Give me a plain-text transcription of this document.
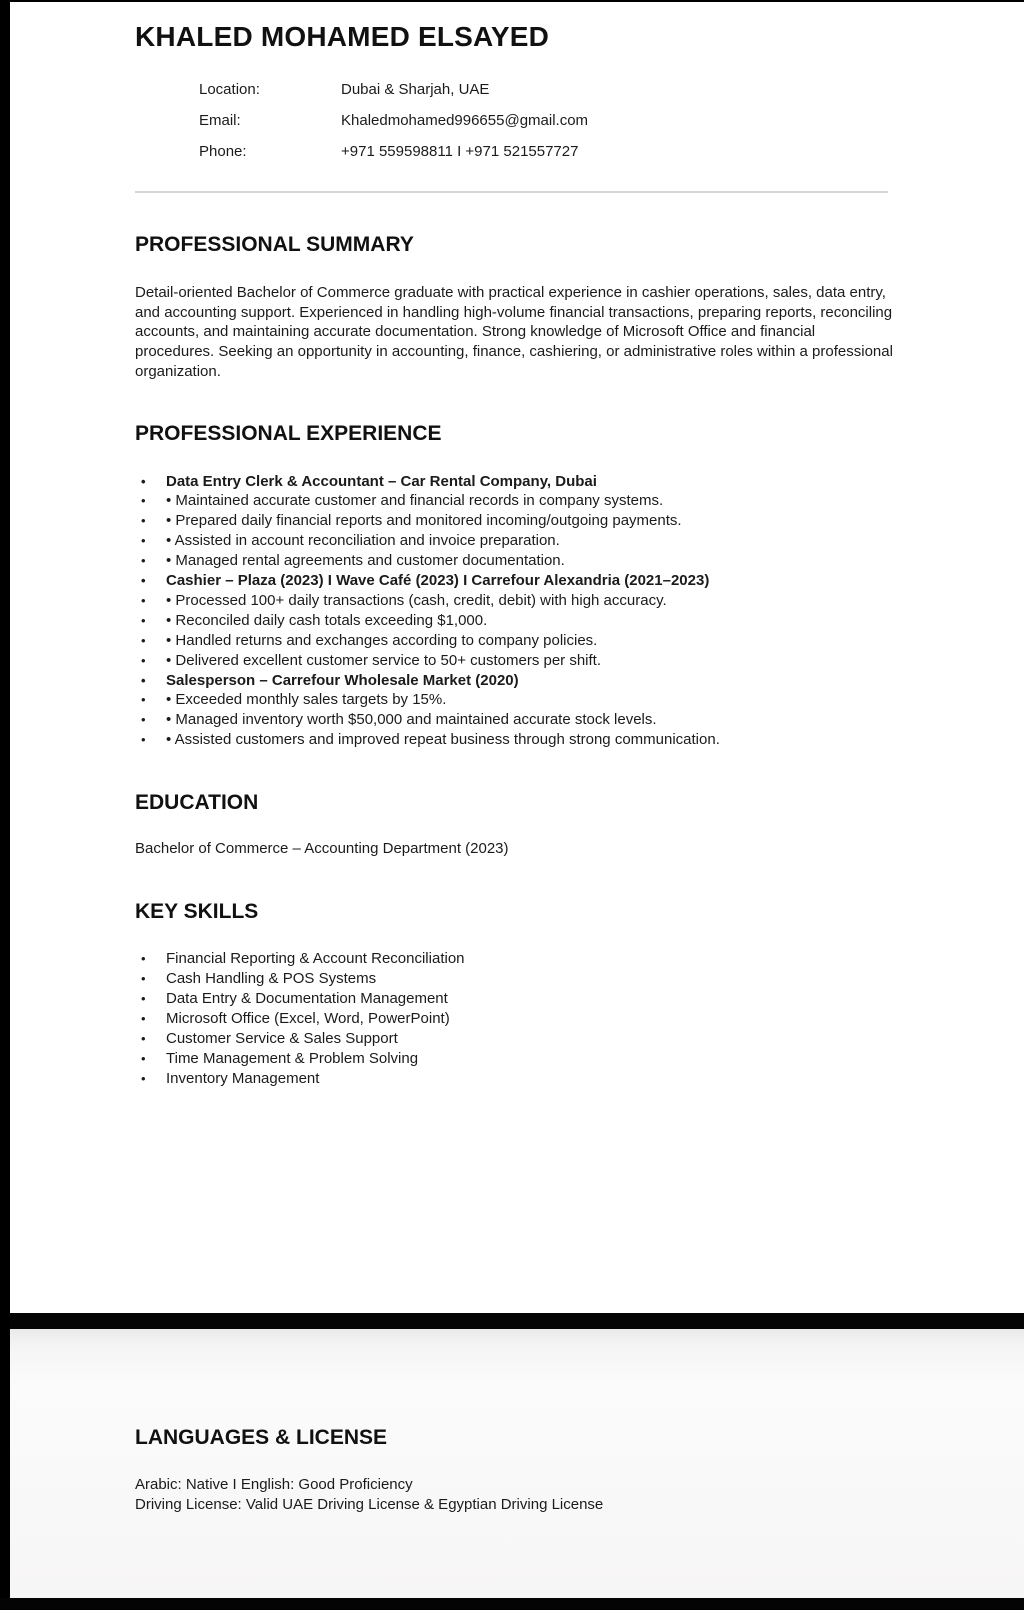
KHALED MOHAMED ELSAYED
Location:	Dubai & Sharjah, UAE
Email:	Khaledmohamed996655@gmail.com
Phone:	+971 559598811 I +971 521557727
PROFESSIONAL SUMMARY
Detail-oriented Bachelor of Commerce graduate with practical experience in cashier operations, sales, data entry, and accounting support. Experienced in handling high-volume financial transactions, preparing reports, reconciling accounts, and maintaining accurate documentation. Strong knowledge of Microsoft Office and financial procedures. Seeking an opportunity in accounting, finance, cashiering, or administrative roles within a professional organization.
PROFESSIONAL EXPERIENCE
• Data Entry Clerk & Accountant – Car Rental Company, Dubai
• • Maintained accurate customer and financial records in company systems.
• • Prepared daily financial reports and monitored incoming/outgoing payments.
• • Assisted in account reconciliation and invoice preparation.
• • Managed rental agreements and customer documentation.
• Cashier – Plaza (2023) I Wave Café (2023) I Carrefour Alexandria (2021–2023)
• • Processed 100+ daily transactions (cash, credit, debit) with high accuracy.
• • Reconciled daily cash totals exceeding $1,000.
• • Handled returns and exchanges according to company policies.
• • Delivered excellent customer service to 50+ customers per shift.
• Salesperson – Carrefour Wholesale Market (2020)
• • Exceeded monthly sales targets by 15%.
• • Managed inventory worth $50,000 and maintained accurate stock levels.
• • Assisted customers and improved repeat business through strong communication.
EDUCATION
Bachelor of Commerce – Accounting Department (2023)
KEY SKILLS
• Financial Reporting & Account Reconciliation
• Cash Handling & POS Systems
• Data Entry & Documentation Management
• Microsoft Office (Excel, Word, PowerPoint)
• Customer Service & Sales Support
• Time Management & Problem Solving
• Inventory Management
LANGUAGES & LICENSE
Arabic: Native I English: Good Proficiency
Driving License: Valid UAE Driving License & Egyptian Driving License
